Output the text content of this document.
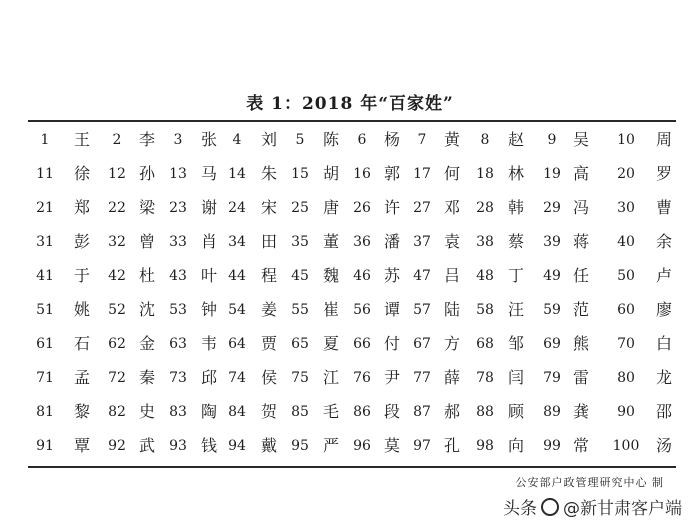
表 1：2018 年“百家姓”
1	王	2	李	3	张	4	刘	5	陈	6	杨	7	黄	8	赵	9	吴	10	周
11	徐	12 孙	13 马 14 朱	15 胡	16 郭 17 何	18 林	19 高	20	罗
21	郑	22 梁	23 谢 24 宋	25 唐	26 许 27 邓	28 韩	29 冯	30	曹
31	彭	32 曾	33 肖 34 田	35 董	36 潘 37 袁	38 蔡	39 蒋	40	余
41	于	42 杜	43 叶 44 程	45 魏	46 苏 47 吕	48 丁	49 任	50	卢
51	姚	52 沈	53 钟 54 姜	55 崔	56 谭 57 陆	58 汪	59 范	60	廖
61	石	62 金	63 韦 64 贾	65 夏	66 付 67 方	68 邹	69 熊	70	白
71	孟	72 秦	73 邱 74 侯	75 江	76 尹 77 薛	78 闫	79 雷	80	龙
81	黎	82 史	83 陶 84 贺	85 毛	86 段 87 郝	88 顾	89 龚	90	邵
91	覃	92 武	93 钱 94 戴	95 严	96 莫 97 孔	98 向	99 常	100	汤
公安部户政管理研究中心 制
头条 @新甘肃客户端
